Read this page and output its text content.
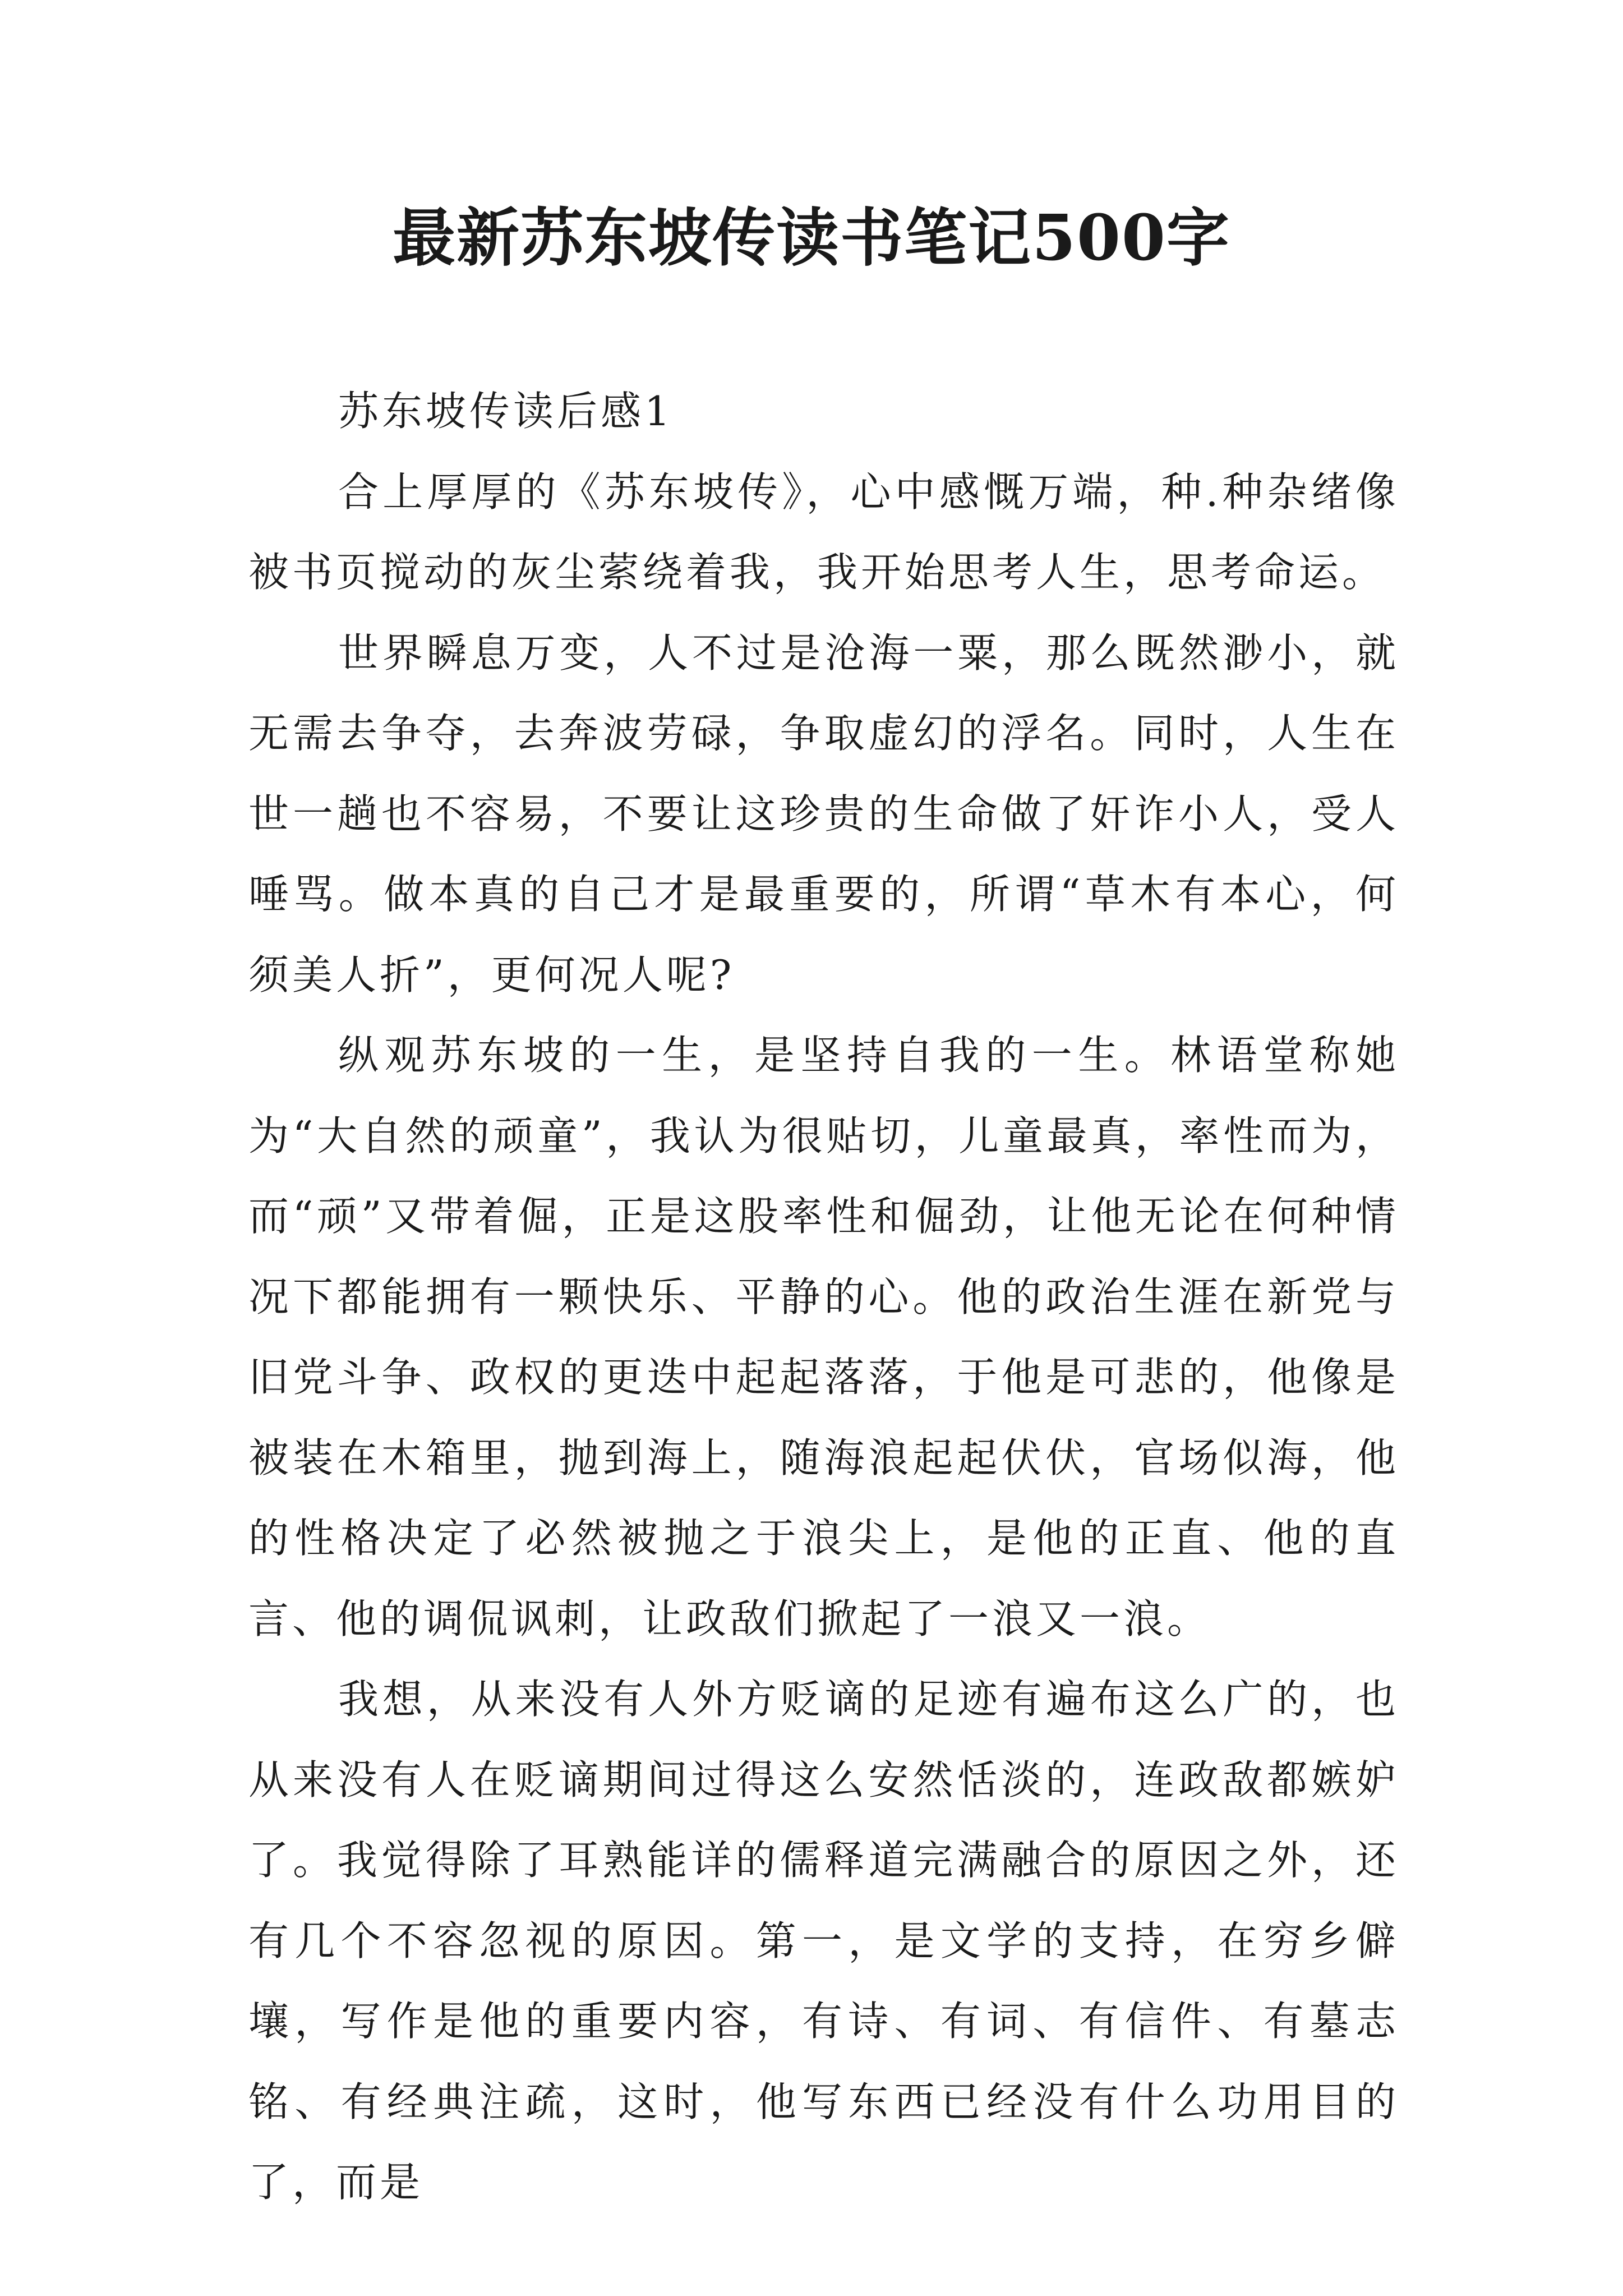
最新苏东坡传读书笔记500字

苏东坡传读后感1

合上厚厚的《苏东坡传》，心中感慨万端，种.种杂绪像被书页搅动的灰尘萦绕着我，我开始思考人生，思考命运。

世界瞬息万变，人不过是沧海一粟，那么既然渺小，就无需去争夺，去奔波劳碌，争取虚幻的浮名。同时，人生在世一趟也不容易，不要让这珍贵的生命做了奸诈小人，受人唾骂。做本真的自己才是最重要的，所谓“草木有本心，何须美人折”，更何况人呢?

纵观苏东坡的一生，是坚持自我的一生。林语堂称她为“大自然的顽童”，我认为很贴切，儿童最真，率性而为，而“顽”又带着倔，正是这股率性和倔劲，让他无论在何种情况下都能拥有一颗快乐、平静的心。他的政治生涯在新党与旧党斗争、政权的更迭中起起落落，于他是可悲的，他像是被装在木箱里，抛到海上，随海浪起起伏伏，官场似海，他的性格决定了必然被抛之于浪尖上，是他的正直、他的直言、他的调侃讽刺，让政敌们掀起了一浪又一浪。

我想，从来没有人外方贬谪的足迹有遍布这么广的，也从来没有人在贬谪期间过得这么安然恬淡的，连政敌都嫉妒了。我觉得除了耳熟能详的儒释道完满融合的原因之外，还有几个不容忽视的原因。第一，是文学的支持，在穷乡僻壤，写作是他的重要内容，有诗、有词、有信件、有墓志铭、有经典注疏，这时，他写东西已经没有什么功用目的了，而是
